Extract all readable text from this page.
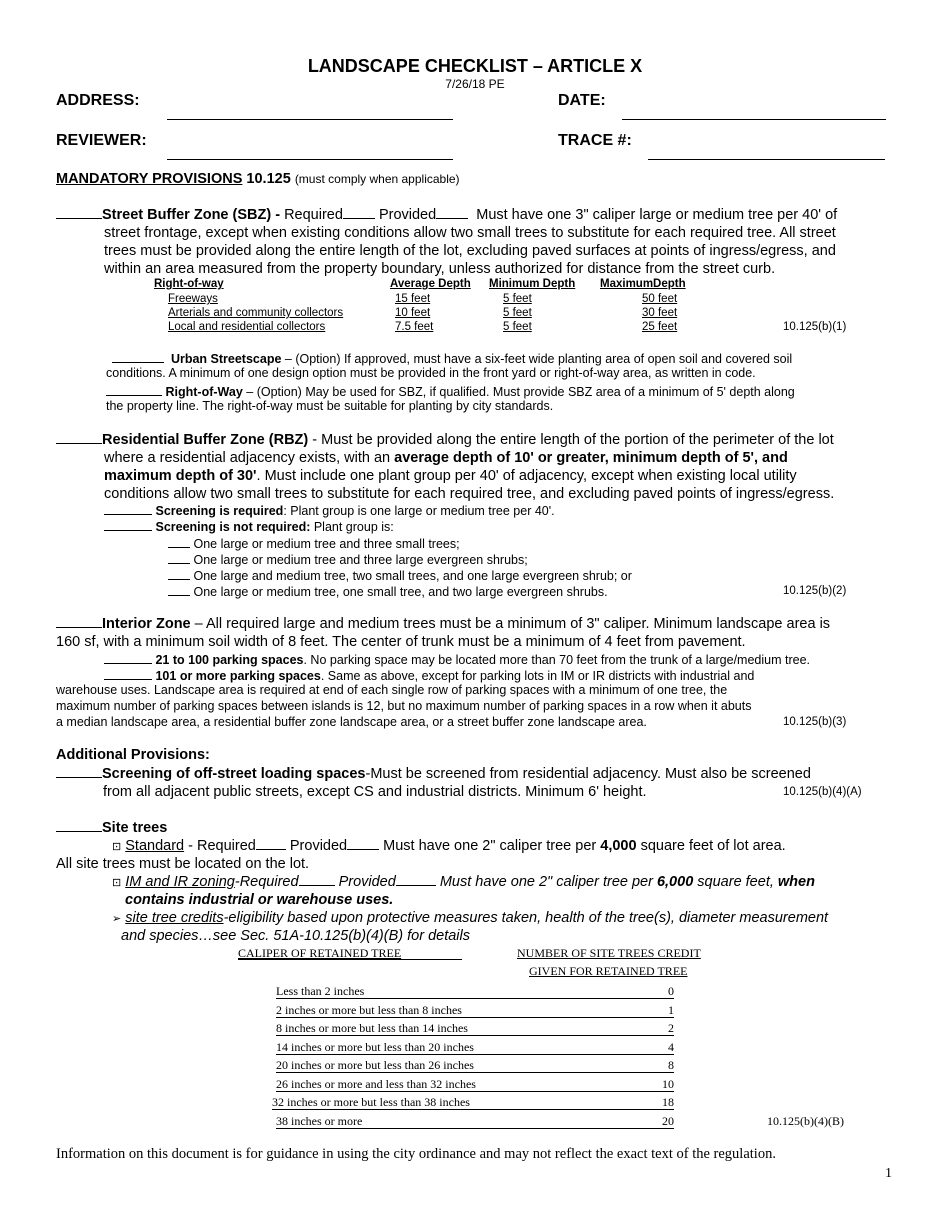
LANDSCAPE CHECKLIST – ARTICLE X
7/26/18 PE
ADDRESS:	DATE:
REVIEWER:	TRACE #:
MANDATORY PROVISIONS 10.125 (must comply when applicable)
Street Buffer Zone (SBZ) - Required Provided	Must have one 3" caliper large or medium tree per 40' of
street frontage, except when existing conditions allow two small trees to substitute for each required tree. All street
trees must be provided along the entire length of the lot, excluding paved surfaces at points of ingress/egress, and
within an area measured from the property boundary, unless authorized for distance from the street curb.
Right-of-way	Average Depth Minimum Depth MaximumDepth
Freeways	15 feet	5 feet	50 feet
Arterials and community collectors	10 feet	5 feet	30 feet
Local and residential collectors	7.5 feet	5 feet	25 feet	10.125(b)(1)
Urban Streetscape – (Option) If approved, must have a six-feet wide planting area of open soil and covered soil
conditions. A minimum of one design option must be provided in the front yard or right-of-way area, as written in code.
Right-of-Way – (Option) May be used for SBZ, if qualified. Must provide SBZ area of a minimum of 5' depth along
the property line. The right-of-way must be suitable for planting by city standards.
Residential Buffer Zone (RBZ) - Must be provided along the entire length of the portion of the perimeter of the lot
where a residential adjacency exists, with an average depth of 10' or greater, minimum depth of 5', and
maximum depth of 30'. Must include one plant group per 40' of adjacency, except when existing local utility
conditions allow two small trees to substitute for each required tree, and excluding paved points of ingress/egress.
Screening is required: Plant group is one large or medium tree per 40'.
Screening is not required: Plant group is:
One large or medium tree and three small trees;
One large or medium tree and three large evergreen shrubs;
One large and medium tree, two small trees, and one large evergreen shrub; or
One large or medium tree, one small tree, and two large evergreen shrubs.	10.125(b)(2)
Interior Zone – All required large and medium trees must be a minimum of 3" caliper. Minimum landscape area is
160 sf, with a minimum soil width of 8 feet. The center of trunk must be a minimum of 4 feet from pavement.
21 to 100 parking spaces. No parking space may be located more than 70 feet from the trunk of a large/medium tree.
101 or more parking spaces. Same as above, except for parking lots in IM or IR districts with industrial and
warehouse uses. Landscape area is required at end of each single row of parking spaces with a minimum of one tree, the
maximum number of parking spaces between islands is 12, but no maximum number of parking spaces in a row when it abuts
a median landscape area, a residential buffer zone landscape area, or a street buffer zone landscape area.	10.125(b)(3)
Additional Provisions:
Screening of off-street loading spaces-Must be screened from residential adjacency. Must also be screened
from all adjacent public streets, except CS and industrial districts. Minimum 6' height.	10.125(b)(4)(A)
Site trees
⊡ Standard - Required Provided Must have one 2" caliper tree per 4,000 square feet of lot area.
All site trees must be located on the lot.
⊡ IM and IR zoning-Required	Provided	Must have one 2" caliper tree per 6,000 square feet, when
contains industrial or warehouse uses.
➢ site tree credits-eligibility based upon protective measures taken, health of the tree(s), diameter measurement
and species…see Sec. 51A-10.125(b)(4)(B) for details
CALIPER OF RETAINED TREE	NUMBER OF SITE TREES CREDIT
GIVEN FOR RETAINED TREE
Less than 2 inches	0
2 inches or more but less than 8 inches	1
8 inches or more but less than 14 inches	2
14 inches or more but less than 20 inches	4
20 inches or more but less than 26 inches	8
26 inches or more and less than 32 inches	10
32 inches or more but less than 38 inches	18
38 inches or more	20	10.125(b)(4)(B)
Information on this document is for guidance in using the city ordinance and may not reflect the exact text of the regulation.
1
